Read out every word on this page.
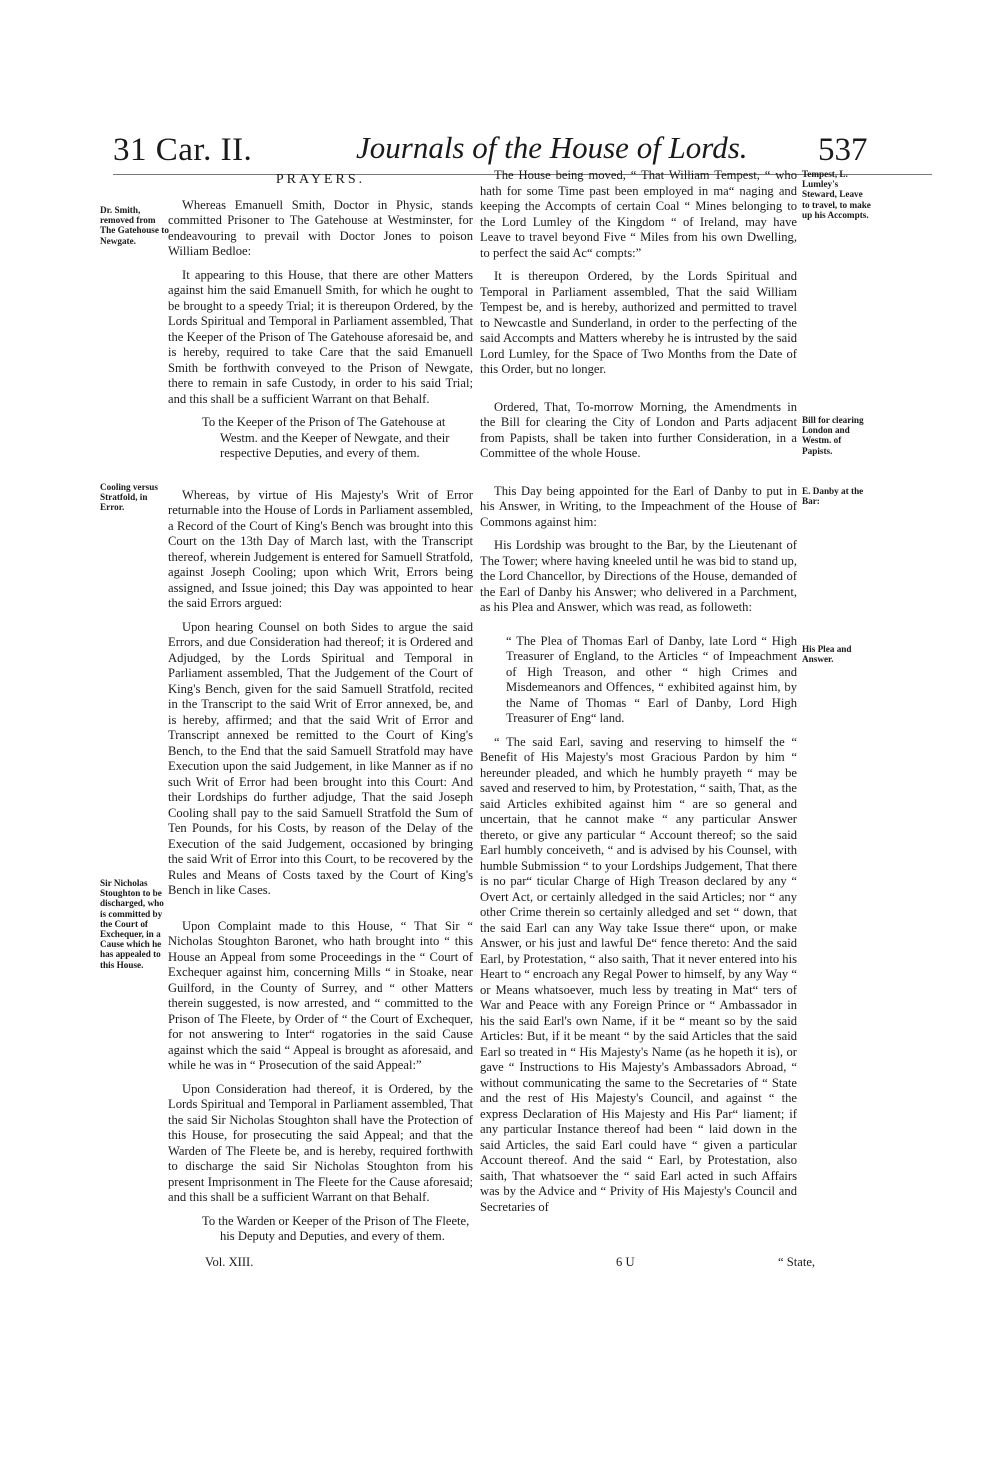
31 Car. II.	Journals of the House of Lords. 537
Dr. Smith, removed from The Gatehouse to Newgate.
Cooling versus Stratfold, in Error.
Sir Nicholas Stoughton to be discharged, who is committed by the Court of Exchequer, in a Cause which he has appealed to this House.
Tempest, L. Lumley's Steward, Leave to travel, to make up his Accompts.
Bill for clearing London and Westm. of Papists.
E. Danby at the Bar:
His Plea and Answer.
PRAYERS.

Whereas Emanuell Smith, Doctor in Physic, stands committed Prisoner to The Gatehouse at Westminster, for endeavouring to prevail with Doctor Jones to poison William Bedloe:

It appearing to this House, that there are other Matters against him the said Emanuell Smith, for which he ought to be brought to a speedy Trial; it is thereupon Ordered, by the Lords Spiritual and Temporal in Parliament assembled, That the Keeper of the Prison of The Gatehouse aforesaid be, and is hereby, required to take Care that the said Emanuell Smith be forthwith conveyed to the Prison of Newgate, there to remain in safe Custody, in order to his said Trial; and this shall be a sufficient Warrant on that Behalf.

To the Keeper of the Prison of The Gatehouse at Westm. and the Keeper of Newgate, and their respective Deputies, and every of them.

Whereas, by virtue of His Majesty's Writ of Error returnable into the House of Lords in Parliament assembled, a Record of the Court of King's Bench was brought into this Court on the 13th Day of March last, with the Transcript thereof, wherein Judgement is entered for Samuell Stratfold, against Joseph Cooling; upon which Writ, Errors being assigned, and Issue joined; this Day was appointed to hear the said Errors argued:

Upon hearing Counsel on both Sides to argue the said Errors, and due Consideration had thereof; it is Ordered and Adjudged, by the Lords Spiritual and Temporal in Parliament assembled, That the Judgement of the Court of King's Bench, given for the said Samuell Stratfold, recited in the Transcript to the said Writ of Error annexed, be, and is hereby, affirmed; and that the said Writ of Error and Transcript annexed be remitted to the Court of King's Bench, to the End that the said Samuell Stratfold may have Execution upon the said Judgement, in like Manner as if no such Writ of Error had been brought into this Court: And their Lordships do further adjudge, That the said Joseph Cooling shall pay to the said Samuell Stratfold the Sum of Ten Pounds, for his Costs, by reason of the Delay of the Execution of the said Judgement, occasioned by bringing the said Writ of Error into this Court, to be recovered by the Rules and Means of Costs taxed by the Court of King's Bench in like Cases.

Upon Complaint made to this House, “ That Sir “ Nicholas Stoughton Baronet, who hath brought into “ this House an Appeal from some Proceedings in the “ Court of Exchequer against him, concerning Mills “ in Stoake, near Guilford, in the County of Surrey, and “ other Matters therein suggested, is now arrested, and “ committed to the Prison of The Fleete, by Order of “ the Court of Exchequer, for not answering to Inter“ rogatories in the said Cause against which the said “ Appeal is brought as aforesaid, and while he was in “ Prosecution of the said Appeal:”

Upon Consideration had thereof, it is Ordered, by the Lords Spiritual and Temporal in Parliament assembled, That the said Sir Nicholas Stoughton shall have the Protection of this House, for prosecuting the said Appeal; and that the Warden of The Fleete be, and is hereby, required forthwith to discharge the said Sir Nicholas Stoughton from his present Imprisonment in The Fleete for the Cause aforesaid; and this shall be a sufficient Warrant on that Behalf.

To the Warden or Keeper of the Prison of The Fleete, his Deputy and Deputies, and every of them.

The House being moved, “ That William Tempest, “ who hath for some Time past been employed in ma“ naging and keeping the Accompts of certain Coal “ Mines belonging to the Lord Lumley of the Kingdom “ of Ireland, may have Leave to travel beyond Five “ Miles from his own Dwelling, to perfect the said Ac“ compts:”

It is thereupon Ordered, by the Lords Spiritual and Temporal in Parliament assembled, That the said William Tempest be, and is hereby, authorized and permitted to travel to Newcastle and Sunderland, in order to the perfecting of the said Accompts and Matters whereby he is intrusted by the said Lord Lumley, for the Space of Two Months from the Date of this Order, but no longer.

Ordered, That, To-morrow Morning, the Amendments in the Bill for clearing the City of London and Parts adjacent from Papists, shall be taken into further Consideration, in a Committee of the whole House.

This Day being appointed for the Earl of Danby to put in his Answer, in Writing, to the Impeachment of the House of Commons against him:

His Lordship was brought to the Bar, by the Lieutenant of The Tower; where having kneeled until he was bid to stand up, the Lord Chancellor, by Directions of the House, demanded of the Earl of Danby his Answer; who delivered in a Parchment, as his Plea and Answer, which was read, as followeth:

“ The Plea of Thomas Earl of Danby, late Lord “ High Treasurer of England, to the Articles “ of Impeachment of High Treason, and other “ high Crimes and Misdemeanors and Offences, “ exhibited against him, by the Name of Thomas “ Earl of Danby, Lord High Treasurer of Eng“ land.

“ The said Earl, saving and reserving to himself the “ Benefit of His Majesty's most Gracious Pardon by him “ hereunder pleaded, and which he humbly prayeth “ may be saved and reserved to him, by Protestation, “ saith, That, as the said Articles exhibited against him “ are so general and uncertain, that he cannot make “ any particular Answer thereto, or give any particular “ Account thereof; so the said Earl humbly conceiveth, “ and is advised by his Counsel, with humble Submission “ to your Lordships Judgement, That there is no par“ ticular Charge of High Treason declared by any “ Overt Act, or certainly alledged in the said Articles; nor “ any other Crime therein so certainly alledged and set “ down, that the said Earl can any Way take Issue there“ upon, or make Answer, or his just and lawful De“ fence thereto: And the said Earl, by Protestation, “ also saith, That it never entered into his Heart to “ encroach any Regal Power to himself, by any Way “ or Means whatsoever, much less by treating in Mat“ ters of War and Peace with any Foreign Prince or “ Ambassador in his the said Earl's own Name, if it be “ meant so by the said Articles: But, if it be meant “ by the said Articles that the said Earl so treated in “ His Majesty's Name (as he hopeth it is), or gave “ Instructions to His Majesty's Ambassadors Abroad, “ without communicating the same to the Secretaries of “ State and the rest of His Majesty's Council, and against “ the express Declaration of His Majesty and His Par“ liament; if any particular Instance thereof had been “ laid down in the said Articles, the said Earl could have “ given a particular Account thereof. And the said “ Earl, by Protestation, also saith, That whatsoever the “ said Earl acted in such Affairs was by the Advice and “ Privity of His Majesty's Council and Secretaries of

Vol. XIII.	6 U	“ State,
